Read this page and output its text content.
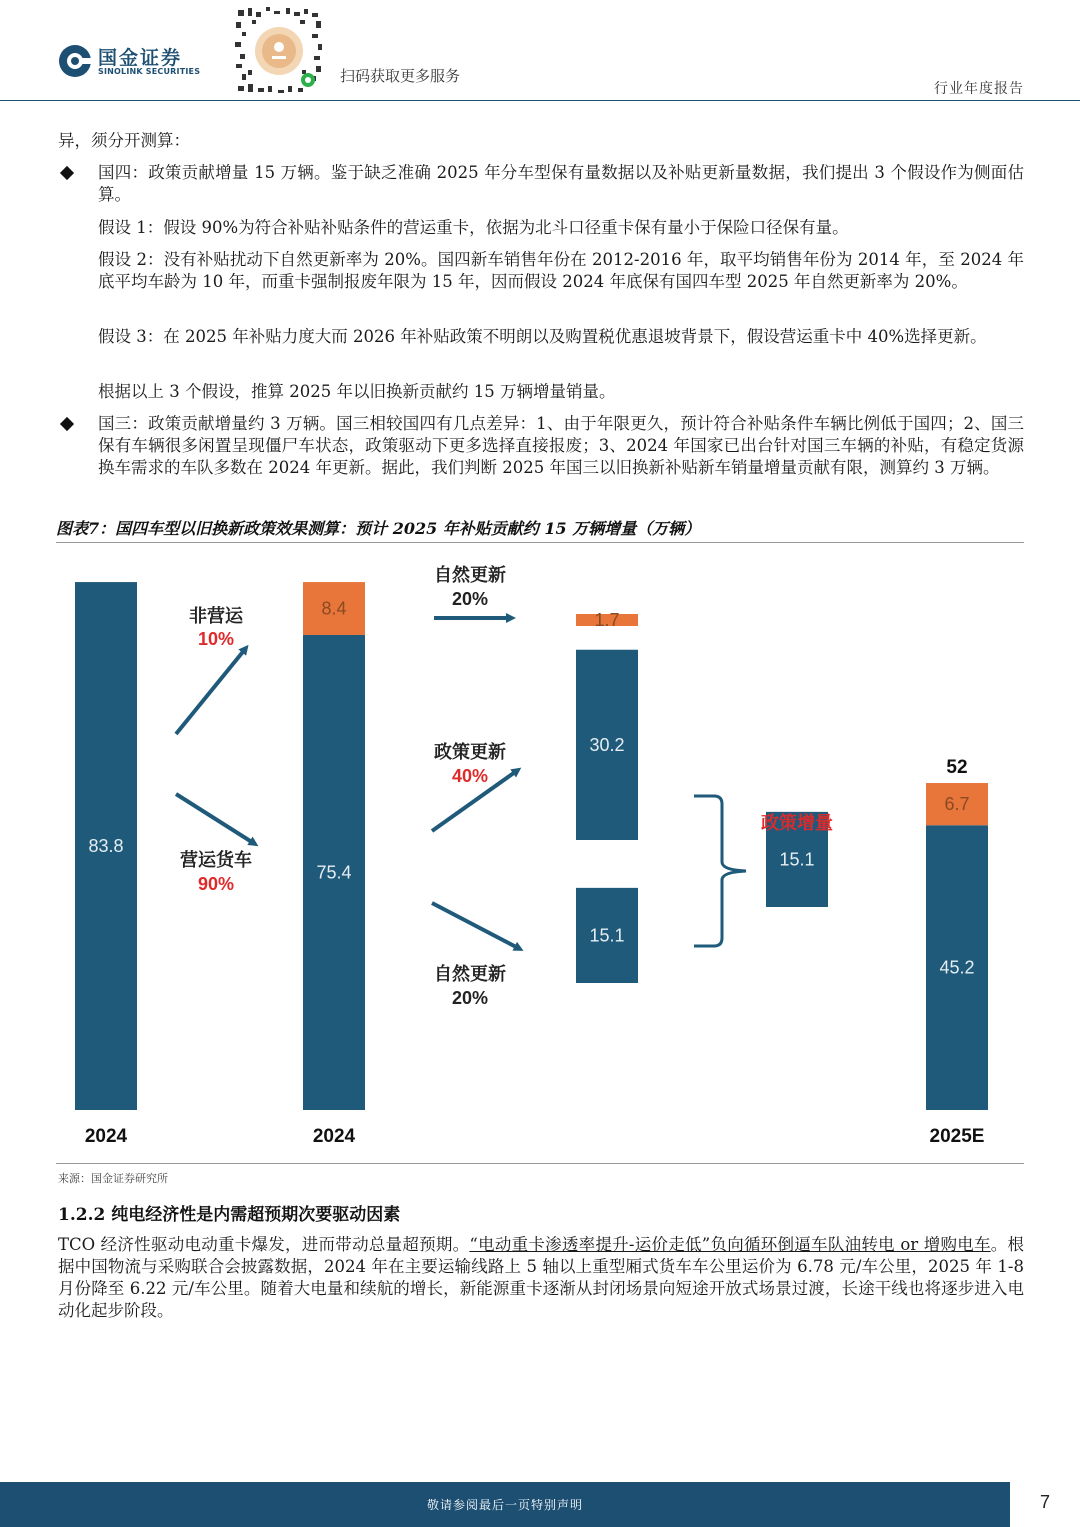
国金证券
SINOLINK SECURITIES	扫码获取更多服务
行业年度报告
异，须分开测算：
国四：政策贡献增量 15 万辆。鉴于缺乏准确 2025 年分车型保有量数据以及补贴更新量数据，我们提出 3 个假设作为侧面估算。
假设 1：假设 90%为符合补贴补贴条件的营运重卡，依据为北斗口径重卡保有量小于保险口径保有量。
假设 2：没有补贴扰动下自然更新率为 20%。国四新车销售年份在 2012-2016 年，取平均销售年份为 2014 年，至 2024 年底平均车龄为 10 年，而重卡强制报废年限为 15 年，因而假设 2024 年底保有国四车型 2025 年自然更新率为 20%。
假设 3：在 2025 年补贴力度大而 2026 年补贴政策不明朗以及购置税优惠退坡背景下，假设营运重卡中 40%选择更新。
根据以上 3 个假设，推算 2025 年以旧换新贡献约 15 万辆增量销量。
国三：政策贡献增量约 3 万辆。国三相较国四有几点差异：1、由于年限更久，预计符合补贴条件车辆比例低于国四；2、国三保有车辆很多闲置呈现僵尸车状态，政策驱动下更多选择直接报废；3、2024 年国家已出台针对国三车辆的补贴，有稳定货源换车需求的车队多数在 2024 年更新。据此，我们判断 2025 年国三以旧换新补贴新车销量增量贡献有限，测算约 3 万辆。
图表7：国四车型以旧换新政策效果测算：预计 2025 年补贴贡献约 15 万辆增量（万辆）
83.8
2024
75.4
8.4
2024
1.7
30.2
15.1
15.1
45.2
6.7
52
2025E
非营运
10%
营运货车
90%
自然更新
20%
政策更新
40%
自然更新
20%
政策增量
来源：国金证券研究所
1.2.2 纯电经济性是内需超预期次要驱动因素
TCO 经济性驱动电动重卡爆发，进而带动总量超预期。“电动重卡渗透率提升-运价走低”负向循环倒逼车队油转电 or 增购电车。根据中国物流与采购联合会披露数据，2024 年在主要运输线路上 5 轴以上重型厢式货车车公里运价为 6.78 元/车公里，2025 年 1-8 月份降至 6.22 元/车公里。随着大电量和续航的增长，新能源重卡逐渐从封闭场景向短途开放式场景过渡，长途干线也将逐步进入电动化起步阶段。
敬请参阅最后一页特别声明	7
